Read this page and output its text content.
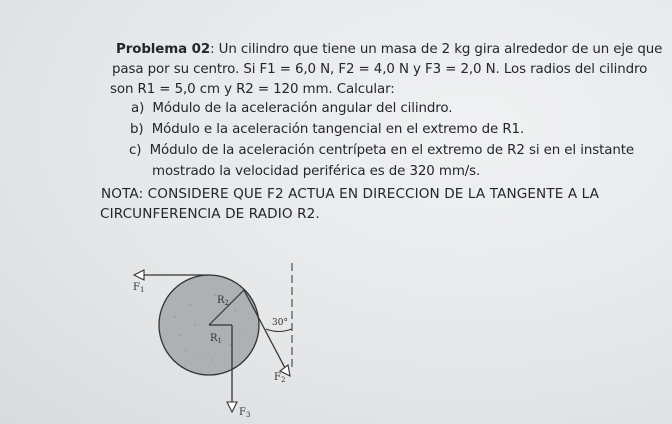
Problema 02: Un cilindro que tiene un masa de 2 kg gira alrededor de un eje que
pasa por su centro. Si F1 = 6,0 N, F2 = 4,0 N y F3 = 2,0 N. Los radios del cilindro
son R1 = 5,0 cm y R2 = 120 mm. Calcular:
a) Módulo de la aceleración angular del cilindro.
b) Módulo e la aceleración tangencial en el extremo de R1.
c) Módulo de la aceleración centrípeta en el extremo de R2 si en el instante
mostrado la velocidad periférica es de 320 mm/s.
NOTA: CONSIDERE QUE F2 ACTUA EN DIRECCION DE LA TANGENTE A LA
CIRCUNFERENCIA DE RADIO R2.
$F_1$
$R_2$
$R_1$
$F_3$
$F_2$
30°
